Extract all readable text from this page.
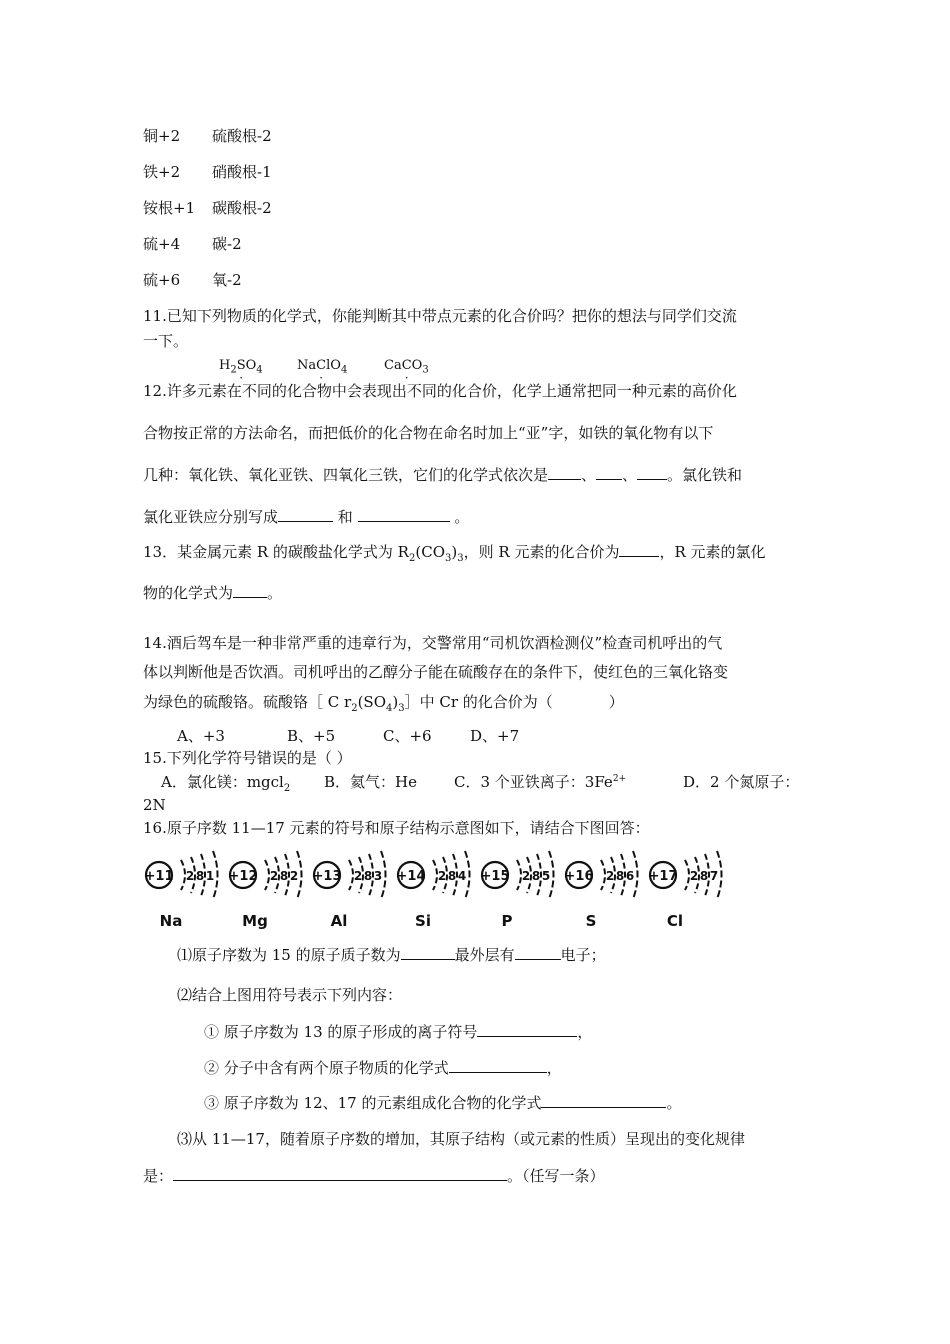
铜+2 硫酸根-2
铁+2 硝酸根-1
铵根+1 碳酸根-2
硫+4 碳-2
硫+6 氧-2
11.已知下列物质的化学式，你能判断其中带点元素的化合价吗？把你的想法与同学们交流
一下。
$H_2S$
·
$O_4$	NaC
·
$lO_4$	CaC
·
$O_3$
12.许多元素在不同的化合物中会表现出不同的化合价，化学上通常把同一种元素的高价化
合物按正常的方法命名，而把低价的化合物在命名时加上“亚”字，如铁的氧化物有以下
几种：氧化铁、氧化亚铁、四氧化三铁，它们的化学式依次是 、 、 。氯化铁和
氯化亚铁应分别写成	和	。
13．某金属元素 R 的碳酸盐化学式为 $R_2(CO_3)_3$，则 R 元素的化合价为	，R 元素的氯化
物的化学式为 。
14.酒后驾车是一种非常严重的违章行为，交警常用“司机饮酒检测仪”检查司机呼出的气
体以判断他是否饮酒。司机呼出的乙醇分子能在硫酸存在的条件下，使红色的三氧化铬变
为绿色的硫酸铬。硫酸铬［ C $r_2(SO_4)_3]$中 Cr 的化合价为（	）
A、+3	B、+5	C、+6	D、+7
15.下列化学符号错误的是（ ）
A．氯化镁：mgcl$_2$ B．氦气：He C．3 个亚铁离子：$3Fe^{2+}$	D．2 个氮原子：
2N
16.原子序数 11—17 元素的符号和原子结构示意图如下，请结合下图回答：
+11 2 8 1
Na
+12 2 8 2
Mg
+13 2 8 3
Al
+14 2 8 4
Si
+15 2 8 5
P
+16 2 8 6
S
+17 2 8 7
Cl
⑴原子序数为 15 的原子质子数为	最外层有	电子；
⑵结合上图用符号表示下列内容：
① 原子序数为 13 的原子形成的离子符号	，
② 分子中含有两个原子物质的化学式	，
③ 原子序数为 12、17 的元素组成化合物的化学式	。
⑶从 11—17，随着原子序数的增加，其原子结构（或元素的性质）呈现出的变化规律
是：	。（任写一条）
